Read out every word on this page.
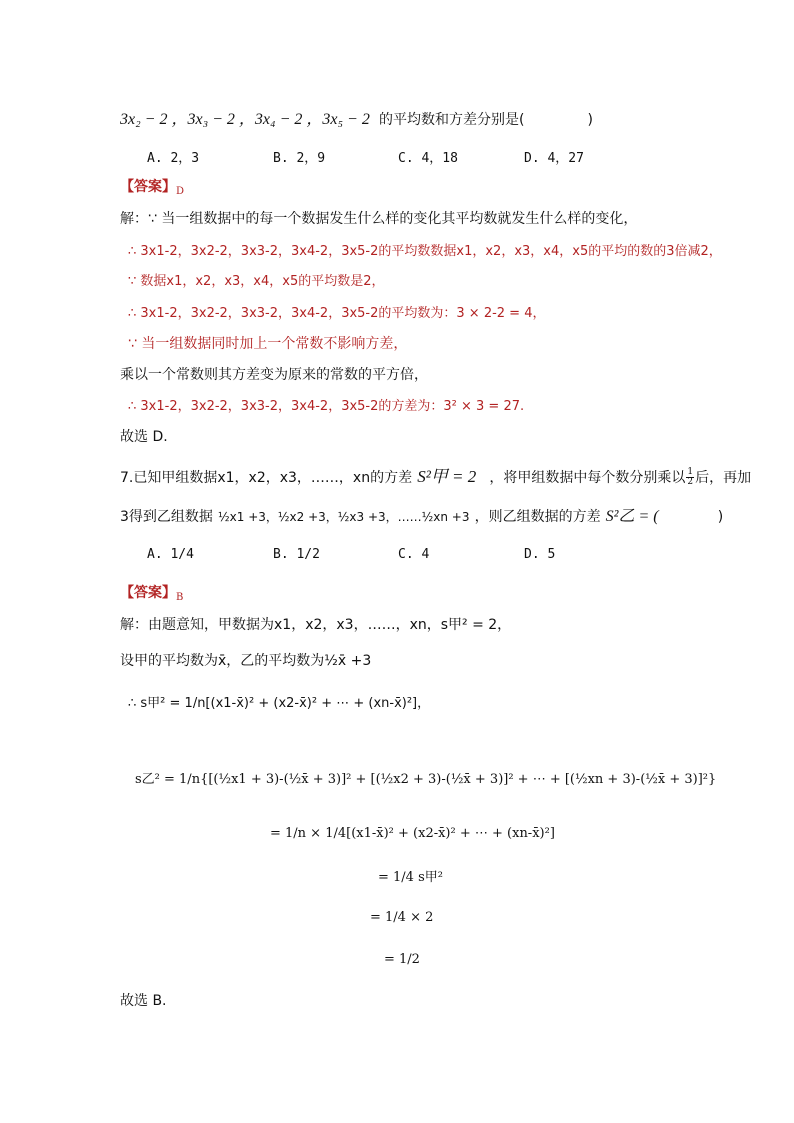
3x₂ − 2 ，3x₃ − 2 ，3x₄ − 2 ，3x₅ − 2 的平均数和方差分别是(	)
A. 2，3	B. 2，9	C. 4，18	D. 4，27
【答案】D
解：∵ 当一组数据中的每一个数据发生什么样的变化其平均数就发生什么样的变化，
∴ 3x1-2，3x2-2，3x3-2，3x4-2，3x5-2的平均数数据x1，x2，x3，x4，x5的平均的数的3倍减2，
∵ 数据x1，x2，x3，x4，x5的平均数是2，
∴ 3x1-2，3x2-2，3x3-2，3x4-2，3x5-2的平均数为：3 × 2-2 = 4，
∵ 当一组数据同时加上一个常数不影响方差，
乘以一个常数则其方差变为原来的常数的平方倍，
∴ 3x1-2，3x2-2，3x3-2，3x4-2，3x5-2的方差为：3² × 3 = 27.
故选 D.
7.已知甲组数据x1，x2，x3，……，xn的方差 S²甲 = 2 ，将甲组数据中每个数分别乘以 $\frac{1}{2}$ 后，再加
3得到乙组数据 ½x1 +3，½x2 +3，½x3 +3，……½xn +3 ，则乙组数据的方差 S²乙 = (	)
A. 1/4	B. 1/2	C. 4	D. 5
【答案】B
解：由题意知，甲数据为x1，x2，x3，……，xn，s甲² = 2，
设甲的平均数为x̄，乙的平均数为½x̄ +3
∴ s甲² = 1/n[(x1-x̄)² + (x2-x̄)² + ⋯ + (xn-x̄)²]，
s乙² = 1/n{[(½x1 + 3)-(½x̄ + 3)]² + [(½x2 + 3)-(½x̄ + 3)]² + ⋯ + [(½xn + 3)-(½x̄ + 3)]²}
= 1/n × 1/4[(x1-x̄)² + (x2-x̄)² + ⋯ + (xn-x̄)²]
= 1/4 s甲²
= 1/4 × 2
= 1/2
故选 B.
